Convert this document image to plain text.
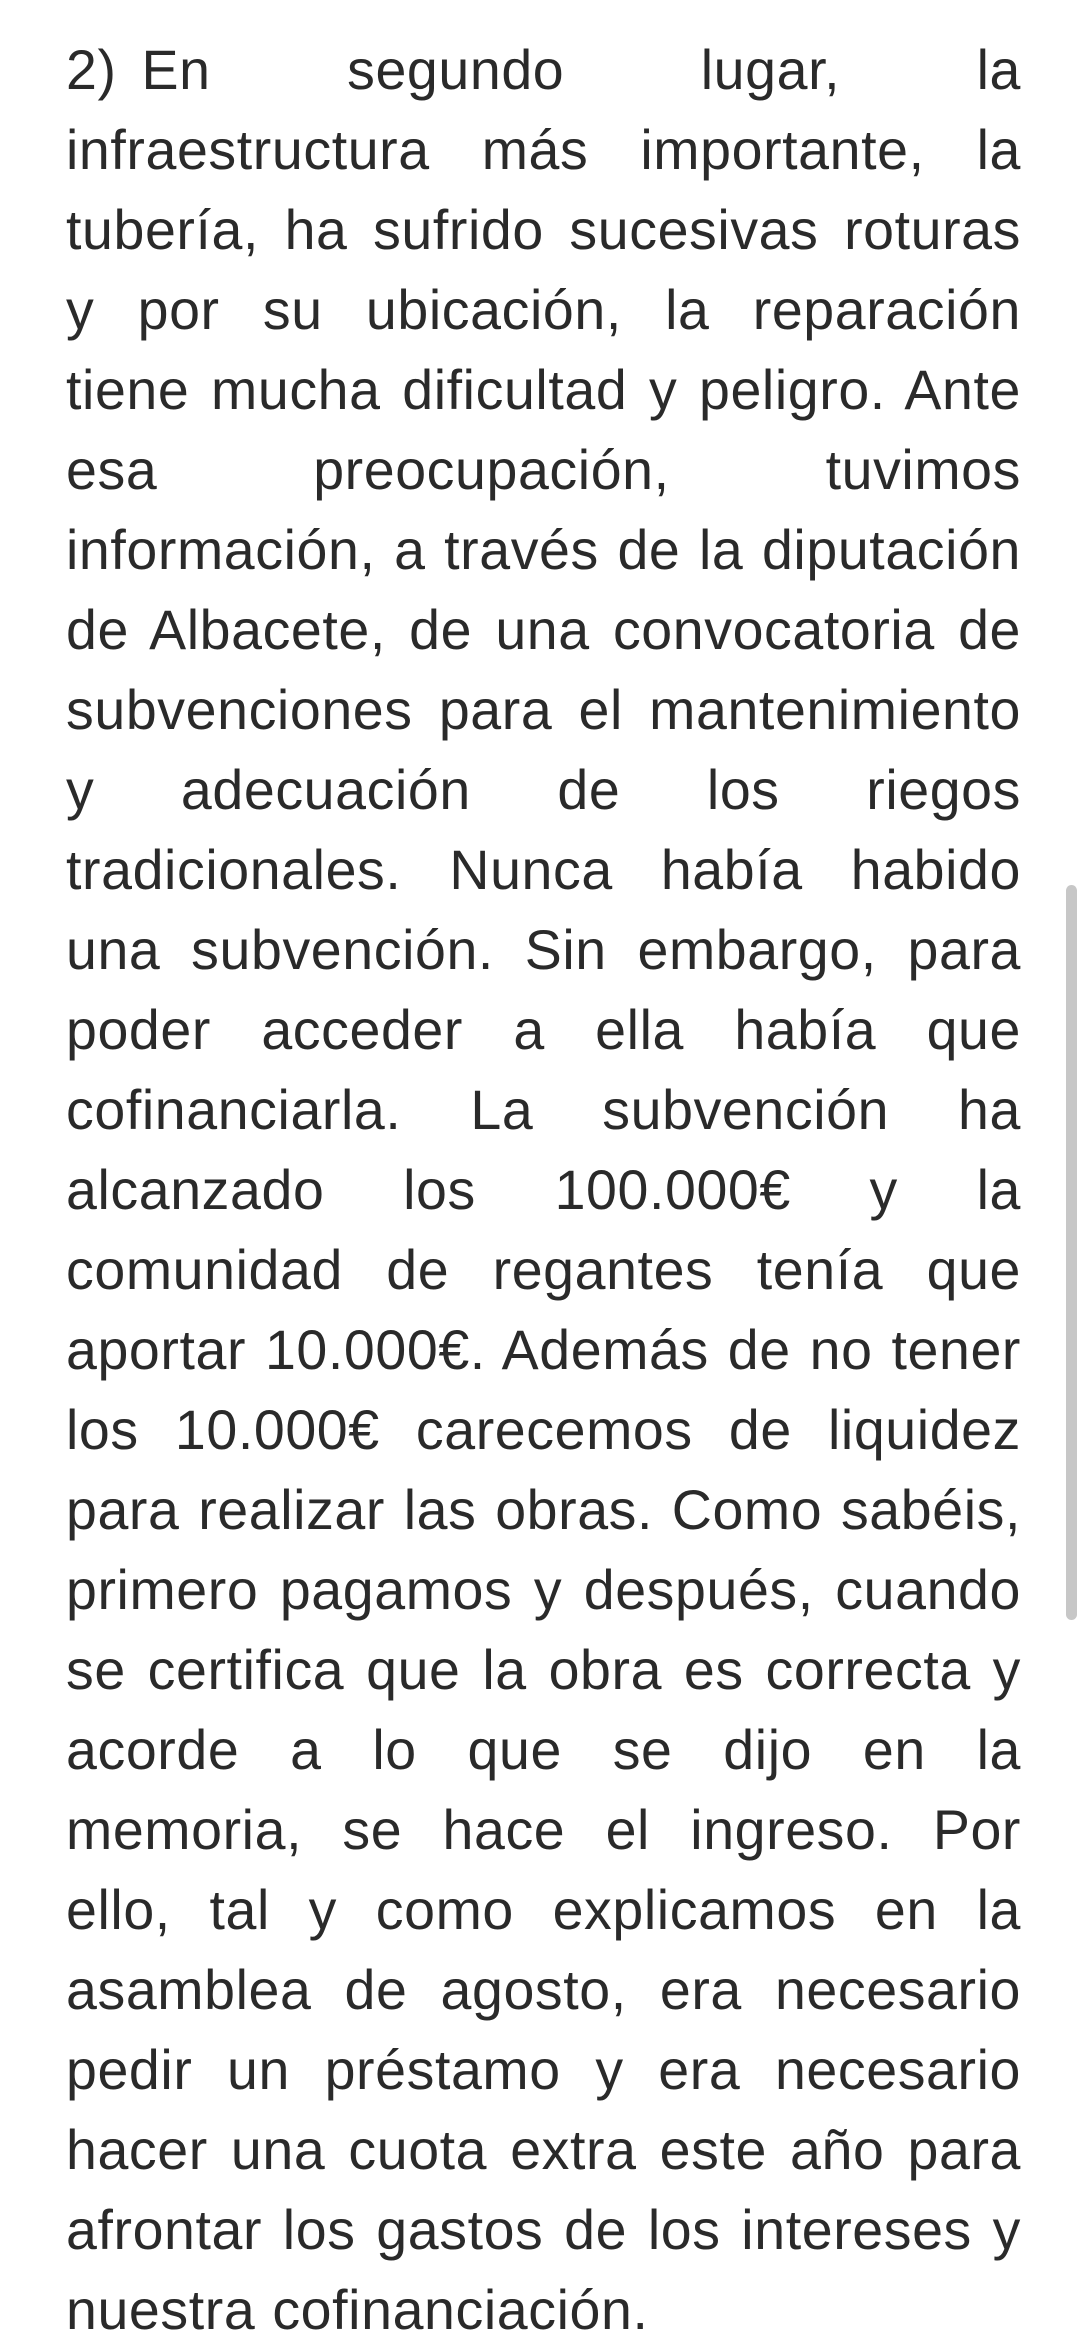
2) En segundo lugar, la infraestructura más importante, la tubería, ha sufrido sucesivas roturas y por su ubicación, la reparación tiene mucha dificultad y peligro. Ante esa preocupación, tuvimos información, a través de la diputación de Albacete, de una convocatoria de subvenciones para el mantenimiento y adecuación de los riegos tradicionales. Nunca había habido una subvención. Sin embargo, para poder acceder a ella había que cofinanciarla. La subvención ha alcanzado los 100.000€ y la comunidad de regantes tenía que aportar 10.000€. Además de no tener los 10.000€ carecemos de liquidez para realizar las obras. Como sabéis, primero pagamos y después, cuando se certifica que la obra es correcta y acorde a lo que se dijo en la memoria, se hace el ingreso. Por ello, tal y como explicamos en la asamblea de agosto, era necesario pedir un préstamo y era necesario hacer una cuota extra este año para afrontar los gastos de los intereses y nuestra cofinanciación.
